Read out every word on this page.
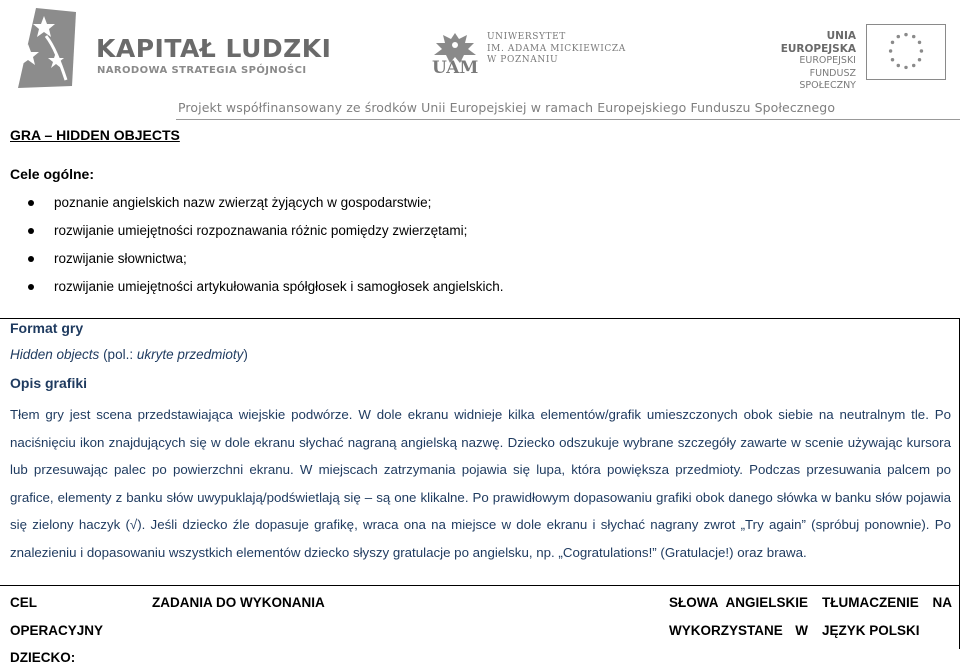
KAPITAŁ LUDZKI
NARODOWA STRATEGIA SPÓJNOŚCI	UAM
UNIWERSYTET
IM. ADAMA MICKIEWICZA
W POZNANIU
UNIA EUROPEJSKA
EUROPEJSKI
FUNDUSZ SPOŁECZNY
Projekt współfinansowany ze środków Unii Europejskiej w ramach Europejskiego Funduszu Społecznego
GRA – HIDDEN OBJECTS
Cele ogólne:
poznanie angielskich nazw zwierząt żyjących w gospodarstwie;
rozwijanie umiejętności rozpoznawania różnic pomiędzy zwierzętami;
rozwijanie słownictwa;
rozwijanie umiejętności artykułowania spółgłosek i samogłosek angielskich.
Format gry
Hidden objects (pol.: ukryte przedmioty)
Opis grafiki
Tłem gry jest scena przedstawiająca wiejskie podwórze. W dole ekranu widnieje kilka elementów/grafik umieszczonych obok siebie na neutralnym tle. Po naciśnięciu ikon znajdujących się w dole ekranu słychać nagraną angielską nazwę. Dziecko odszukuje wybrane szczegóły zawarte w scenie używając kursora lub przesuwając palec po powierzchni ekranu. W miejscach zatrzymania pojawia się lupa, która powiększa przedmioty. Podczas przesuwania palcem po grafice, elementy z banku słów uwypuklają/podświetlają się – są one klikalne. Po prawidłowym dopasowaniu grafiki obok danego słówka w banku słów pojawia się zielony haczyk (√). Jeśli dziecko źle dopasuje grafikę, wraca ona na miejsce w dole ekranu i słychać nagrany zwrot „Try again” (spróbuj ponownie). Po znalezieniu i dopasowaniu wszystkich elementów dziecko słyszy gratulacje po angielsku, np. „Cogratulations!” (Gratulacje!) oraz brawa.
CEL OPERACYJNY
DZIECKO:
ZADANIA DO WYKONANIA	SŁOWA ANGIELSKIE
WYKORZYSTANE W
TŁUMACZENIE NA
JĘZYK POLSKI
